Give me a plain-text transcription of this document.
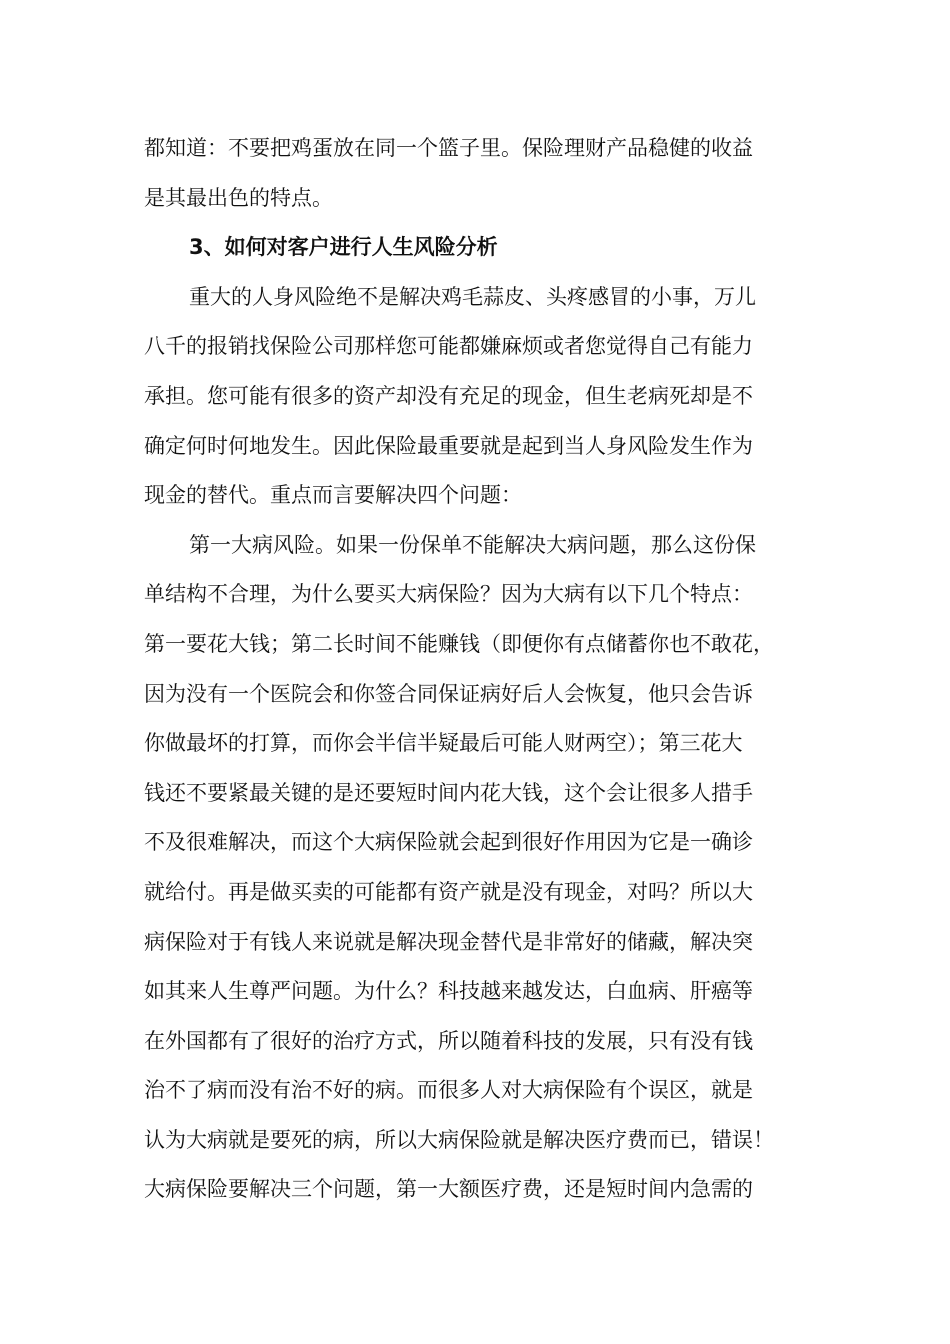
都知道：不要把鸡蛋放在同一个篮子里。保险理财产品稳健的收益

是其最出色的特点。

3、如何对客户进行人生风险分析

重大的人身风险绝不是解决鸡毛蒜皮、头疼感冒的小事，万儿

八千的报销找保险公司那样您可能都嫌麻烦或者您觉得自己有能力

承担。您可能有很多的资产却没有充足的现金，但生老病死却是不

确定何时何地发生。因此保险最重要就是起到当人身风险发生作为

现金的替代。重点而言要解决四个问题：

第一大病风险。如果一份保单不能解决大病问题，那么这份保

单结构不合理，为什么要买大病保险？因为大病有以下几个特点：

第一要花大钱；第二长时间不能赚钱（即便你有点储蓄你也不敢花，

因为没有一个医院会和你签合同保证病好后人会恢复，他只会告诉

你做最坏的打算，而你会半信半疑最后可能人财两空）；第三花大

钱还不要紧最关键的是还要短时间内花大钱，这个会让很多人措手

不及很难解决，而这个大病保险就会起到很好作用因为它是一确诊

就给付。再是做买卖的可能都有资产就是没有现金，对吗？所以大

病保险对于有钱人来说就是解决现金替代是非常好的储藏，解决突

如其来人生尊严问题。为什么？科技越来越发达，白血病、肝癌等

在外国都有了很好的治疗方式，所以随着科技的发展，只有没有钱

治不了病而没有治不好的病。而很多人对大病保险有个误区，就是

认为大病就是要死的病，所以大病保险就是解决医疗费而已，错误！

大病保险要解决三个问题，第一大额医疗费，还是短时间内急需的
